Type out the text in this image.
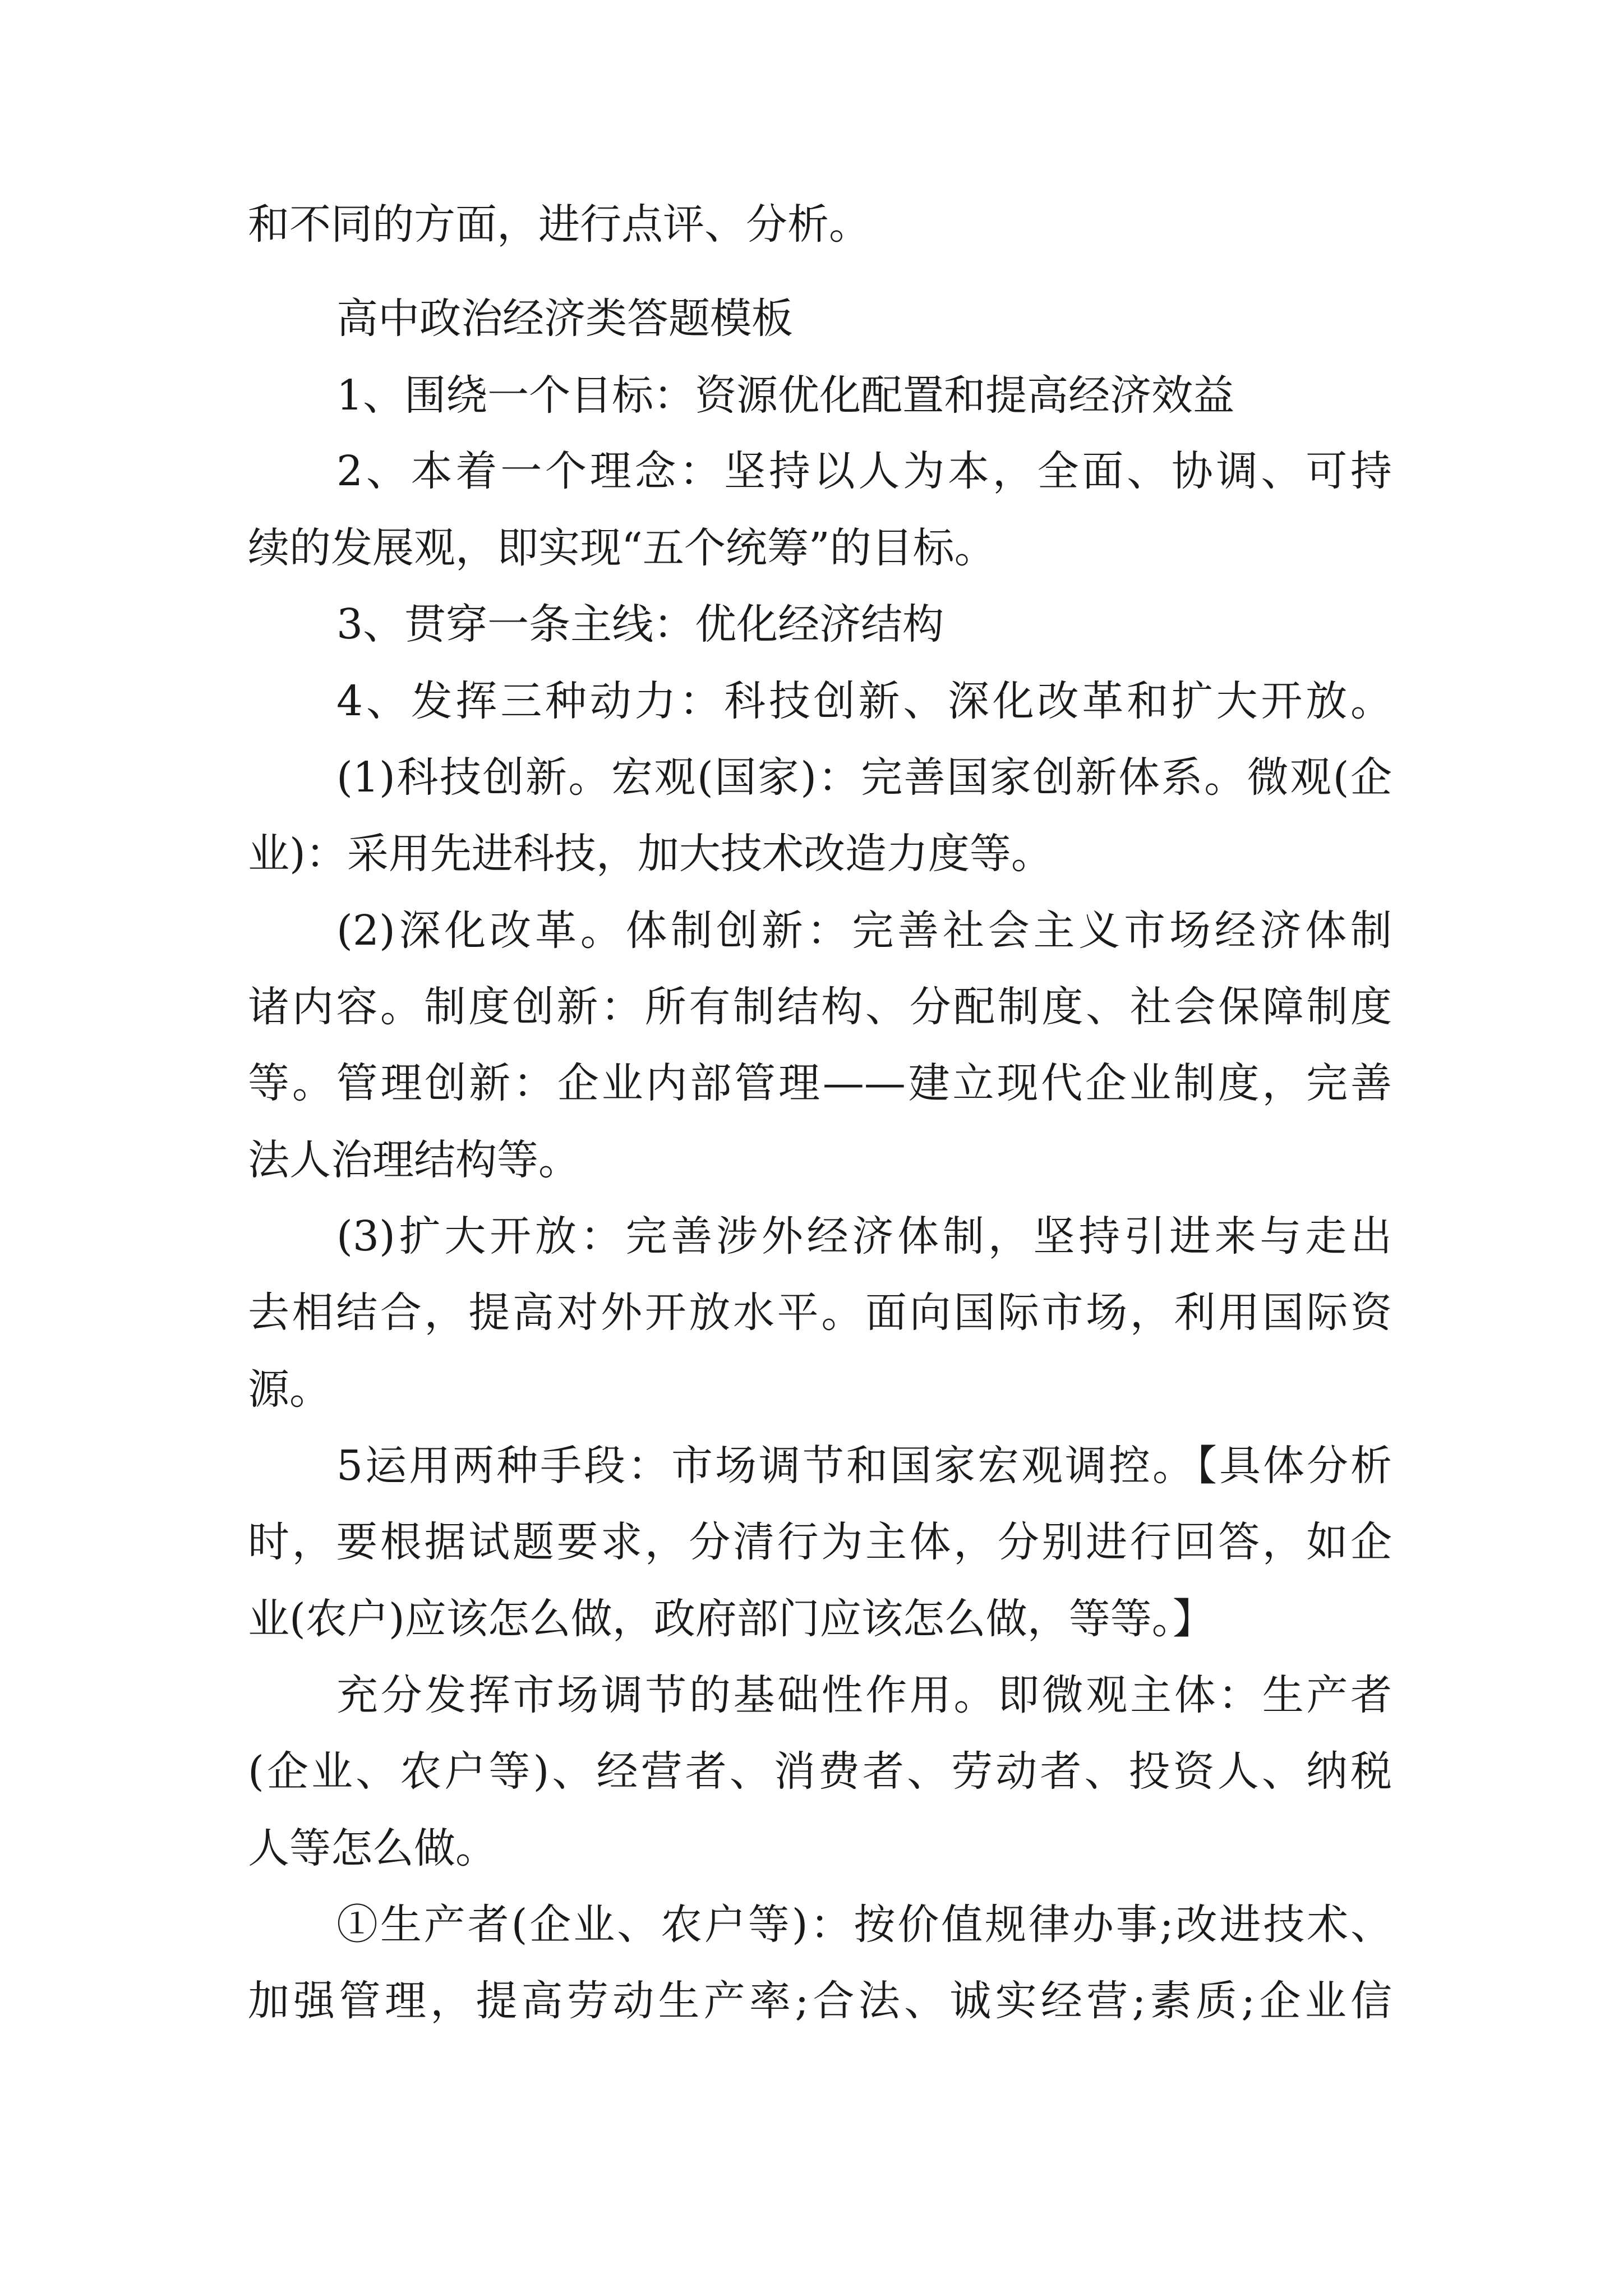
和不同的方面，进行点评、分析。
高中政治经济类答题模板
1、围绕一个目标：资源优化配置和提高经济效益
2、本着一个理念：坚持以人为本，全面、协调、可持
续的发展观，即实现“五个统筹”的目标。
3、贯穿一条主线：优化经济结构
4、发挥三种动力：科技创新、深化改革和扩大开放。
(1)科技创新。宏观(国家)：完善国家创新体系。微观(企
业)：采用先进科技，加大技术改造力度等。
(2)深化改革。体制创新：完善社会主义市场经济体制
诸内容。制度创新：所有制结构、分配制度、社会保障制度
等。管理创新：企业内部管理——建立现代企业制度，完善
法人治理结构等。
(3)扩大开放：完善涉外经济体制，坚持引进来与走出
去相结合，提高对外开放水平。面向国际市场，利用国际资
源。
5运用两种手段：市场调节和国家宏观调控。【具体分析
时，要根据试题要求，分清行为主体，分别进行回答，如企
业(农户)应该怎么做，政府部门应该怎么做，等等。】
充分发挥市场调节的基础性作用。即微观主体：生产者
(企业、农户等)、经营者、消费者、劳动者、投资人、纳税
人等怎么做。
①生产者(企业、农户等)：按价值规律办事;改进技术、
加强管理，提高劳动生产率;合法、诚实经营;素质;企业信
